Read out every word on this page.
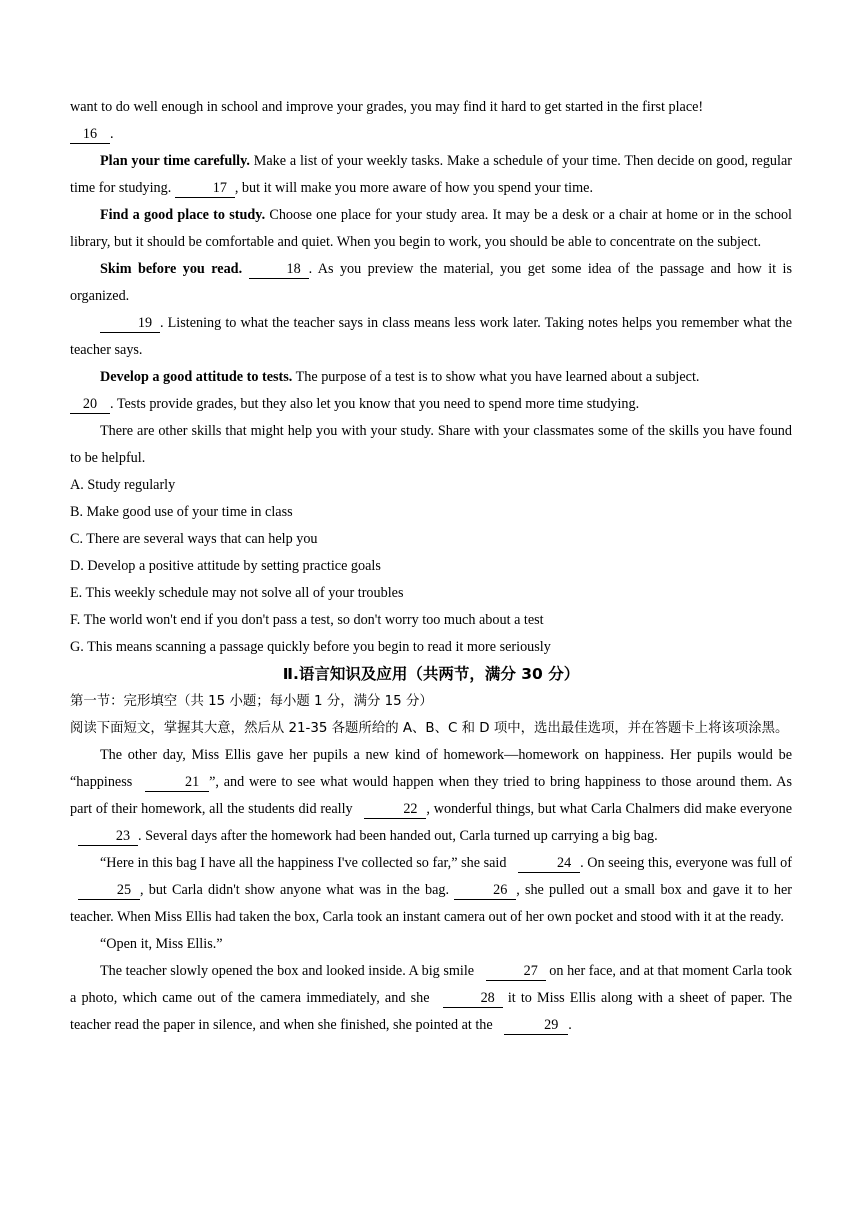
want to do well enough in school and improve your grades, you may find it hard to get started in the first place!

16 .

Plan your time carefully. Make a list of your weekly tasks. Make a schedule of your time. Then decide on good, regular time for studying.	17 , but it will make you more aware of how you spend your time.

Find a good place to study. Choose one place for your study area. It may be a desk or a chair at home or in the school library, but it should be comfortable and quiet. When you begin to work, you should be able to concentrate on the subject.

Skim before you read.	18 . As you preview the material, you get some idea of the passage and how it is organized.

19 . Listening to what the teacher says in class means less work later. Taking notes helps you remember what the teacher says.

Develop a good attitude to tests. The purpose of a test is to show what you have learned about a subject.

20 . Tests provide grades, but they also let you know that you need to spend more time studying.

There are other skills that might help you with your study. Share with your classmates some of the skills you have found to be helpful.

A. Study regularly

B. Make good use of your time in class

C. There are several ways that can help you

D. Develop a positive attitude by setting practice goals

E. This weekly schedule may not solve all of your troubles

F. The world won't end if you don't pass a test, so don't worry too much about a test

G. This means scanning a passage quickly before you begin to read it more seriously

Ⅱ.语言知识及应用（共两节，满分 30 分）

第一节：完形填空（共 15 小题；每小题 1 分，满分 15 分）

阅读下面短文，掌握其大意，然后从 21-35 各题所给的 A、B、C 和 D 项中，选出最佳选项，并在答题卡上将该项涂黑。

The other day, Miss Ellis gave her pupils a new kind of homework—homework on happiness. Her pupils would be “happiness	21 ”, and were to see what would happen when they tried to bring happiness to those around them. As part of their homework, all the students did really	22 , wonderful things, but what Carla Chalmers did make everyone 23 . Several days after the homework had been handed out, Carla turned up carrying a big bag.

“Here in this bag I have all the happiness I've collected so far,” she said	24 . On seeing this, everyone was full of 25 , but Carla didn't show anyone what was in the bag.	26 , she pulled out a small box and gave it to her teacher. When Miss Ellis had taken the box, Carla took an instant camera out of her own pocket and stood with it at the ready.

“Open it, Miss Ellis.”

The teacher slowly opened the box and looked inside. A big smile	27 on her face, and at that moment Carla took a photo, which came out of the camera immediately, and she	28 it to Miss Ellis along with a sheet of paper. The teacher read the paper in silence, and when she finished, she pointed at the	29 .
